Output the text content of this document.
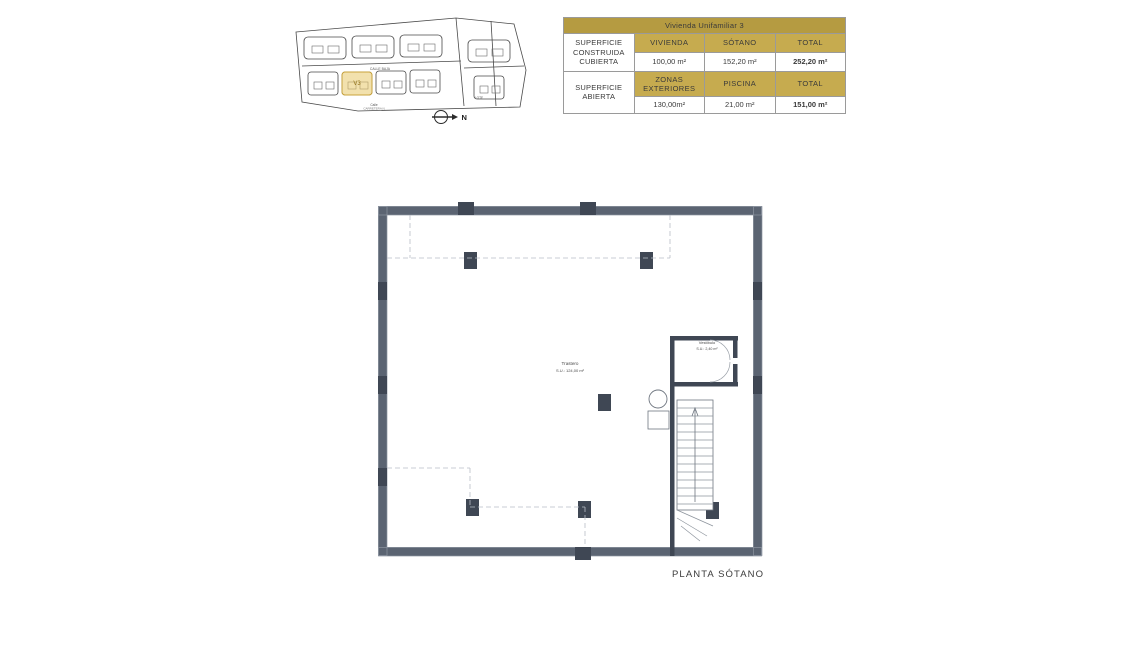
V3
CALLE BAJA
Calle
CARRETERA N
LOTE
N
Vivienda Unifamiliar 3			
SUPERFICIE CONSTRUIDA CUBIERTA	VIVIENDA	SÓTANO	TOTAL
	100,00 m²	152,20 m²	252,20 m²
SUPERFICIE ABIERTA	ZONAS EXTERIORES	PISCINA	TOTAL
	130,00m²	21,00 m²	151,00 m²
Trastero
S.U.: 124,00 m²
Vestíbulo
S.U.: 2,40 m²
PLANTA SÓTANO
